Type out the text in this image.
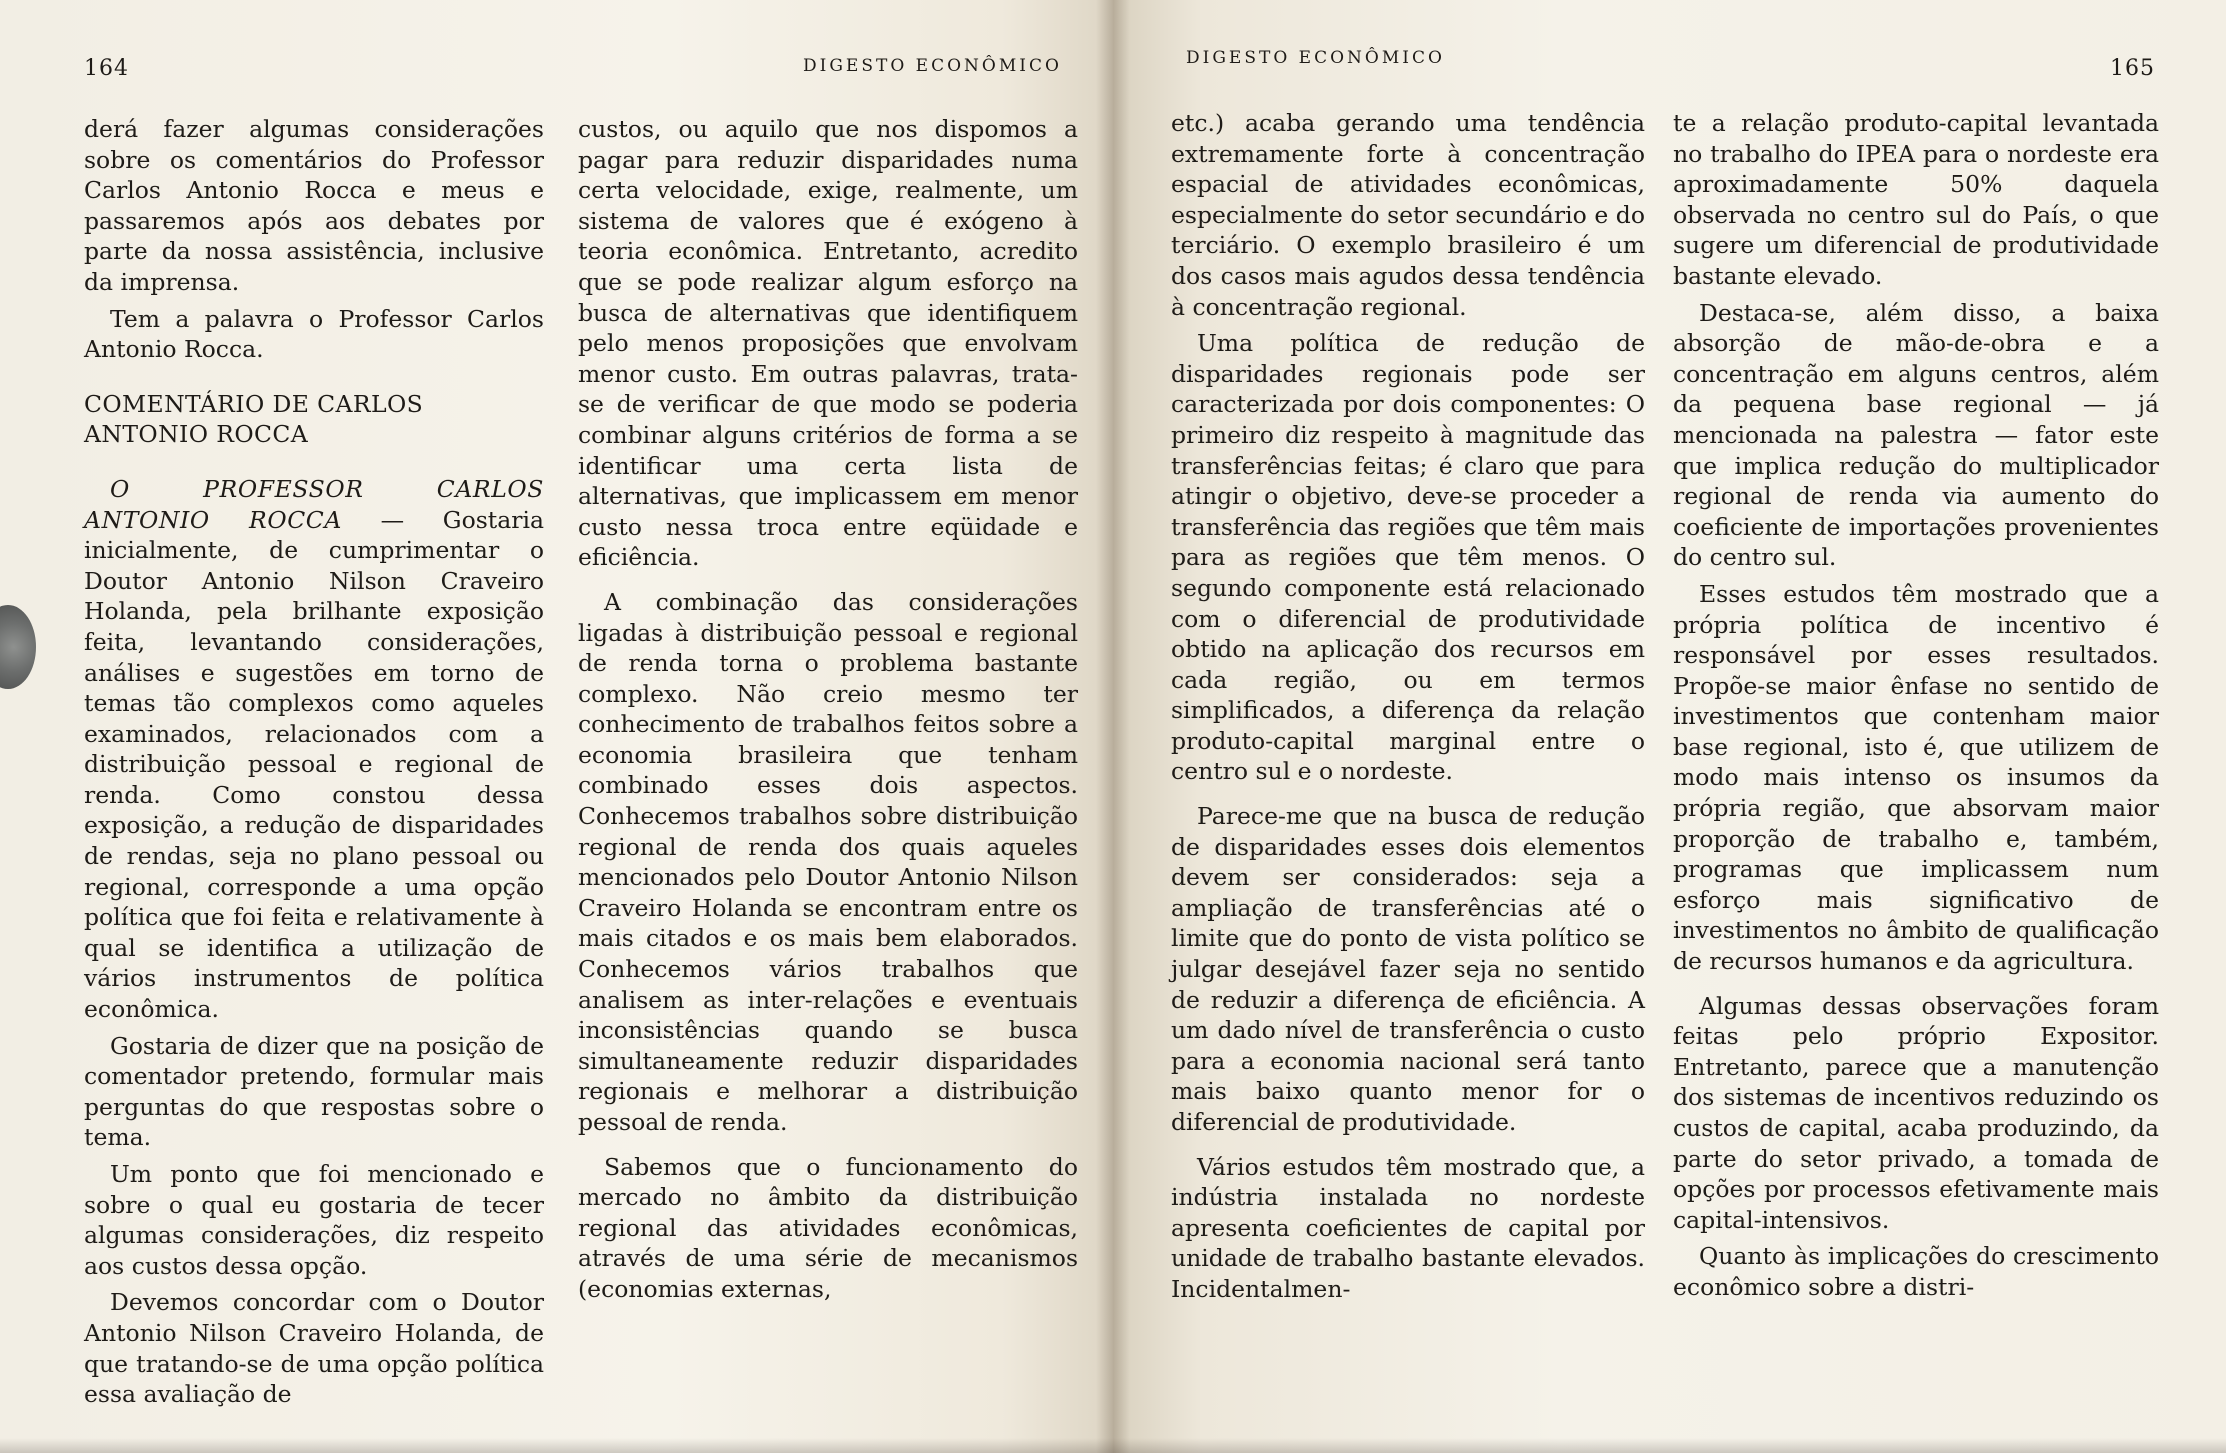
164	DIGESTO ECONÔMICO

derá fazer algumas considerações sobre os comentários do Professor Carlos Antonio Rocca e meus e passaremos após aos debates por parte da nossa assistência, inclusive da imprensa.

Tem a palavra o Professor Carlos Antonio Rocca.

COMENTÁRIO DE CARLOS
ANTONIO ROCCA

O PROFESSOR CARLOS ANTONIO ROCCA — Gostaria inicialmente, de cumprimentar o Doutor Antonio Nilson Craveiro Holanda, pela brilhante exposição feita, levantando considerações, análises e sugestões em torno de temas tão complexos como aqueles examinados, relacionados com a distribuição pessoal e regional de renda. Como constou dessa exposição, a redução de disparidades de rendas, seja no plano pessoal ou regional, corresponde a uma opção política que foi feita e relativamente à qual se identifica a utilização de vários instrumentos de política econômica.

Gostaria de dizer que na posição de comentador pretendo, formular mais perguntas do que respostas sobre o tema.

Um ponto que foi mencionado e sobre o qual eu gostaria de tecer algumas considerações, diz respeito aos custos dessa opção.

Devemos concordar com o Doutor Antonio Nilson Craveiro Holanda, de que tratando-se de uma opção política essa avaliação de

custos, ou aquilo que nos dispomos a pagar para reduzir disparidades numa certa velocidade, exige, realmente, um sistema de valores que é exógeno à teoria econômica. Entretanto, acredito que se pode realizar algum esforço na busca de alternativas que identifiquem pelo menos proposições que envolvam menor custo. Em outras palavras, trata-se de verificar de que modo se poderia combinar alguns critérios de forma a se identificar uma certa lista de alternativas, que implicassem em menor custo nessa troca entre eqüidade e eficiência.

A combinação das considerações ligadas à distribuição pessoal e regional de renda torna o problema bastante complexo. Não creio mesmo ter conhecimento de trabalhos feitos sobre a economia brasileira que tenham combinado esses dois aspectos. Conhecemos trabalhos sobre distribuição regional de renda dos quais aqueles mencionados pelo Doutor Antonio Nilson Craveiro Holanda se encontram entre os mais citados e os mais bem elaborados. Conhecemos vários trabalhos que analisem as inter-relações e eventuais inconsistências quando se busca simultaneamente reduzir disparidades regionais e melhorar a distribuição pessoal de renda.

Sabemos que o funcionamento do mercado no âmbito da distribuição regional das atividades econômicas, através de uma série de mecanismos (economias externas,

DIGESTO ECONÔMICO	165

etc.) acaba gerando uma tendência extremamente forte à concentração espacial de atividades econômicas, especialmente do setor secundário e do terciário. O exemplo brasileiro é um dos casos mais agudos dessa tendência à concentração regional.

Uma política de redução de disparidades regionais pode ser caracterizada por dois componentes: O primeiro diz respeito à magnitude das transferências feitas; é claro que para atingir o objetivo, deve-se proceder a transferência das regiões que têm mais para as regiões que têm menos. O segundo componente está relacionado com o diferencial de produtividade obtido na aplicação dos recursos em cada região, ou em termos simplificados, a diferença da relação produto-capital marginal entre o centro sul e o nordeste.

Parece-me que na busca de redução de disparidades esses dois elementos devem ser considerados: seja a ampliação de transferências até o limite que do ponto de vista político se julgar desejável fazer seja no sentido de reduzir a diferença de eficiência. A um dado nível de transferência o custo para a economia nacional será tanto mais baixo quanto menor for o diferencial de produtividade.

Vários estudos têm mostrado que, a indústria instalada no nordeste apresenta coeficientes de capital por unidade de trabalho bastante elevados. Incidentalmen-

te a relação produto-capital levantada no trabalho do IPEA para o nordeste era aproximadamente 50% daquela observada no centro sul do País, o que sugere um diferencial de produtividade bastante elevado.

Destaca-se, além disso, a baixa absorção de mão-de-obra e a concentração em alguns centros, além da pequena base regional — já mencionada na palestra — fator este que implica redução do multiplicador regional de renda via aumento do coeficiente de importações provenientes do centro sul.

Esses estudos têm mostrado que a própria política de incentivo é responsável por esses resultados. Propõe-se maior ênfase no sentido de investimentos que contenham maior base regional, isto é, que utilizem de modo mais intenso os insumos da própria região, que absorvam maior proporção de trabalho e, também, programas que implicassem num esforço mais significativo de investimentos no âmbito de qualificação de recursos humanos e da agricultura.

Algumas dessas observações foram feitas pelo próprio Expositor. Entretanto, parece que a manutenção dos sistemas de incentivos reduzindo os custos de capital, acaba produzindo, da parte do setor privado, a tomada de opções por processos efetivamente mais capital-intensivos.

Quanto às implicações do crescimento econômico sobre a distri-
